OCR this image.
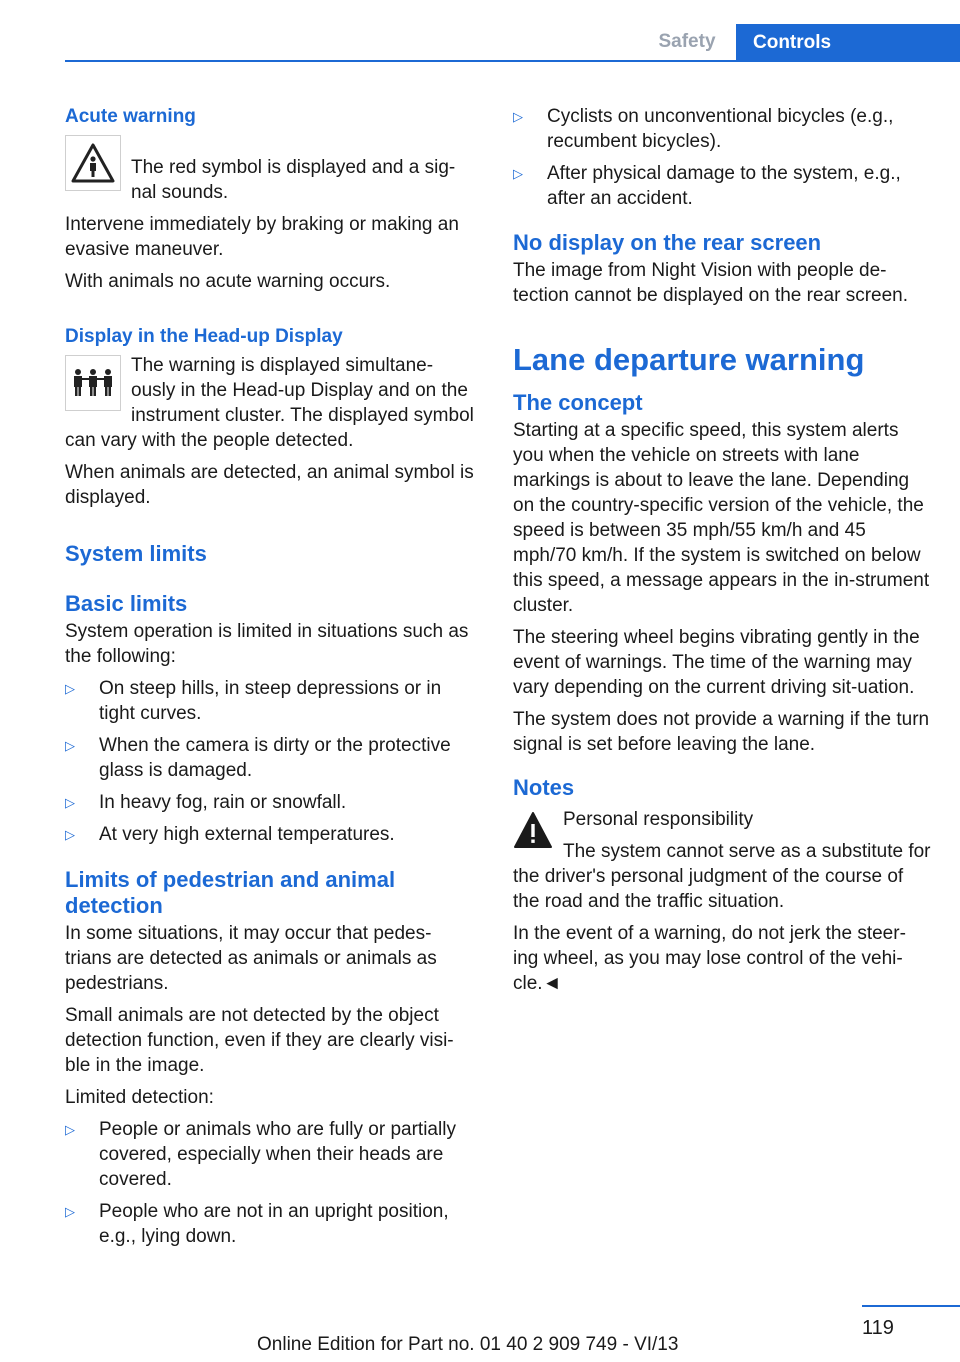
Safety	Controls
Acute warning

The red symbol is displayed and a sig-nal sounds.

Intervene immediately by braking or making an evasive maneuver.

With animals no acute warning occurs.

Display in the Head-up Display

The warning is displayed simultane-ously in the Head-up Display and on the instrument cluster. The displayed symbol can vary with the people detected.

When animals are detected, an animal symbol is displayed.

System limits
Basic limits

System operation is limited in situations such as the following:

▷ On steep hills, in steep depressions or in tight curves.
▷ When the camera is dirty or the protective glass is damaged.
▷ In heavy fog, rain or snowfall.
▷ At very high external temperatures.
Limits of pedestrian and animal detection

In some situations, it may occur that pedes-trians are detected as animals or animals as pedestrians.

Small animals are not detected by the object detection function, even if they are clearly visi-ble in the image.

Limited detection:

▷ People or animals who are fully or partially covered, especially when their heads are covered.
▷ People who are not in an upright position, e.g., lying down.
▷ Cyclists on unconventional bicycles (e.g., recumbent bicycles).
▷ After physical damage to the system, e.g., after an accident.
No display on the rear screen

The image from Night Vision with people de-tection cannot be displayed on the rear screen.

Lane departure warning
The concept

Starting at a specific speed, this system alerts you when the vehicle on streets with lane markings is about to leave the lane. Depending on the country-specific version of the vehicle, the speed is between 35 mph/55 km/h and 45 mph/70 km/h. If the system is switched on below this speed, a message appears in the in-strument cluster.

The steering wheel begins vibrating gently in the event of warnings. The time of the warning may vary depending on the current driving sit-uation.

The system does not provide a warning if the turn signal is set before leaving the lane.

Notes

Personal responsibility

The system cannot serve as a substitute for the driver's personal judgment of the course of the road and the traffic situation.

In the event of a warning, do not jerk the steer-ing wheel, as you may lose control of the vehi-cle.◄

119
Online Edition for Part no. 01 40 2 909 749 - VI/13
